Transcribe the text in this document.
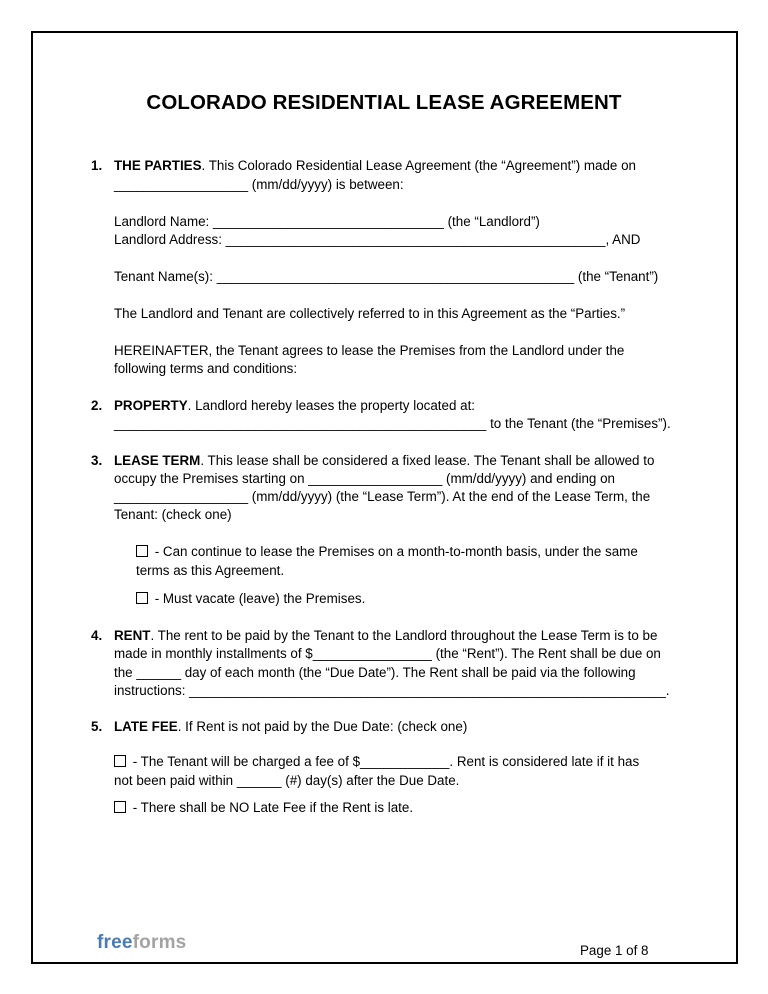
COLORADO RESIDENTIAL LEASE AGREEMENT
1. THE PARTIES. This Colorado Residential Lease Agreement (the “Agreement”) made on
__________________ (mm/dd/yyyy) is between:
Landlord Name: _______________________________ (the “Landlord”)
Landlord Address: ___________________________________________________, AND
Tenant Name(s): ________________________________________________ (the “Tenant”)
The Landlord and Tenant are collectively referred to in this Agreement as the “Parties.”
HEREINAFTER, the Tenant agrees to lease the Premises from the Landlord under the
following terms and conditions:
2. PROPERTY. Landlord hereby leases the property located at:
__________________________________________________ to the Tenant (the “Premises”).
3. LEASE TERM. This lease shall be considered a fixed lease. The Tenant shall be allowed to
occupy the Premises starting on __________________ (mm/dd/yyyy) and ending on
__________________ (mm/dd/yyyy) (the “Lease Term”). At the end of the Lease Term, the
Tenant: (check one)
- Can continue to lease the Premises on a month-to-month basis, under the same
terms as this Agreement.
- Must vacate (leave) the Premises.
4. RENT. The rent to be paid by the Tenant to the Landlord throughout the Lease Term is to be
made in monthly installments of $________________ (the “Rent”). The Rent shall be due on
the ______ day of each month (the “Due Date”). The Rent shall be paid via the following
instructions: ________________________________________________________________.
5. LATE FEE. If Rent is not paid by the Due Date: (check one)
- The Tenant will be charged a fee of $____________. Rent is considered late if it has
not been paid within ______ (#) day(s) after the Due Date.
- There shall be NO Late Fee if the Rent is late.
freeforms	Page 1 of 8
